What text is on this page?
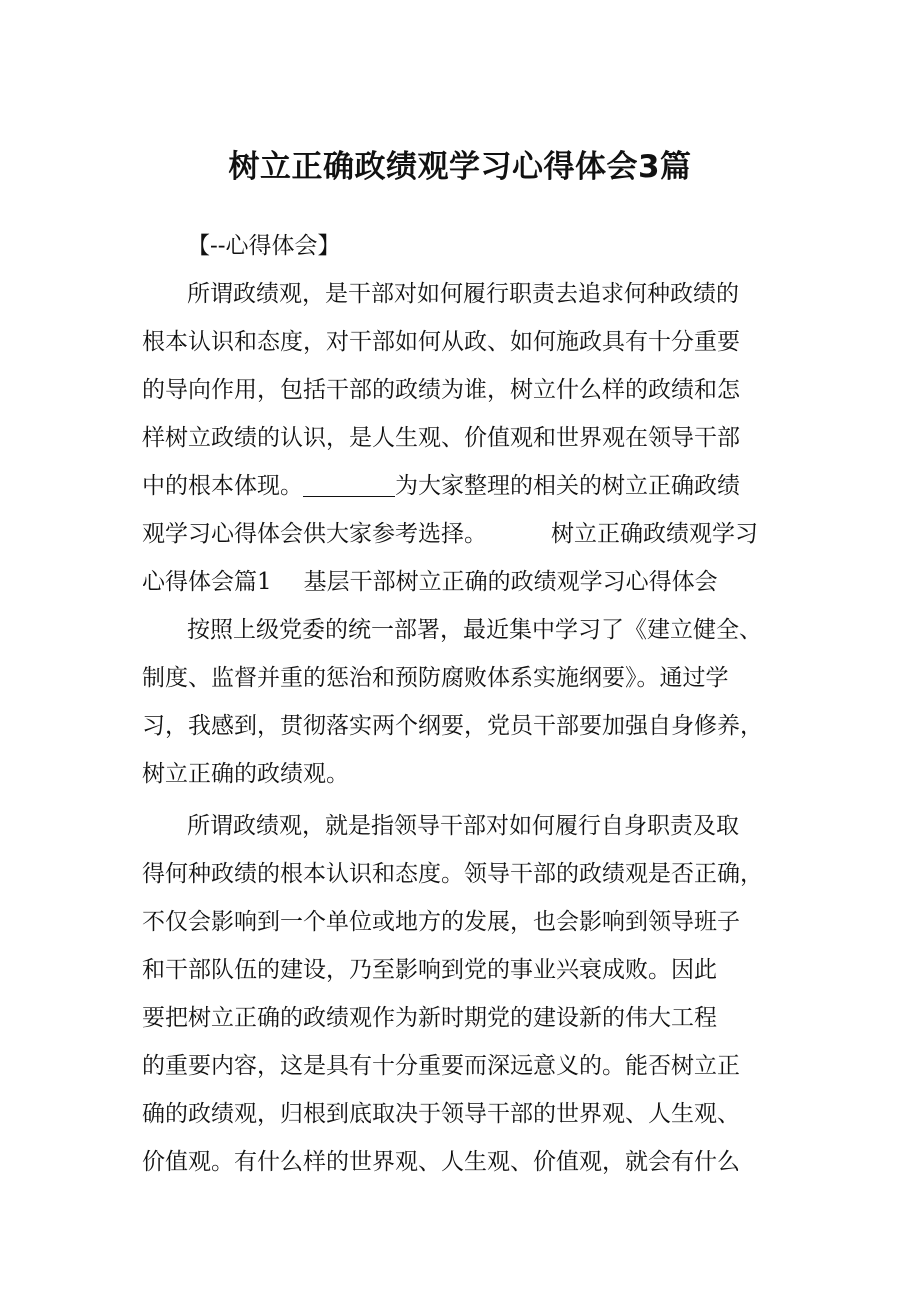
树立正确政绩观学习心得体会3篇
【--心得体会】
所谓政绩观，是干部对如何履行职责去追求何种政绩的
根本认识和态度，对干部如何从政、如何施政具有十分重要
的导向作用，包括干部的政绩为谁，树立什么样的政绩和怎
样树立政绩的认识，是人生观、价值观和世界观在领导干部
中的根本体现。	为大家整理的相关的树立正确政绩
观学习心得体会供大家参考选择。	树立正确政绩观学习
心得体会篇1 基层干部树立正确的政绩观学习心得体会
按照上级党委的统一部署，最近集中学习了《建立健全、
制度、监督并重的惩治和预防腐败体系实施纲要》。通过学
习，我感到，贯彻落实两个纲要，党员干部要加强自身修养，
树立正确的政绩观。
所谓政绩观，就是指领导干部对如何履行自身职责及取
得何种政绩的根本认识和态度。领导干部的政绩观是否正确，
不仅会影响到一个单位或地方的发展，也会影响到领导班子
和干部队伍的建设，乃至影响到党的事业兴衰成败。因此
要把树立正确的政绩观作为新时期党的建设新的伟大工程
的重要内容，这是具有十分重要而深远意义的。能否树立正
确的政绩观，归根到底取决于领导干部的世界观、人生观、
价值观。有什么样的世界观、人生观、价值观，就会有什么
